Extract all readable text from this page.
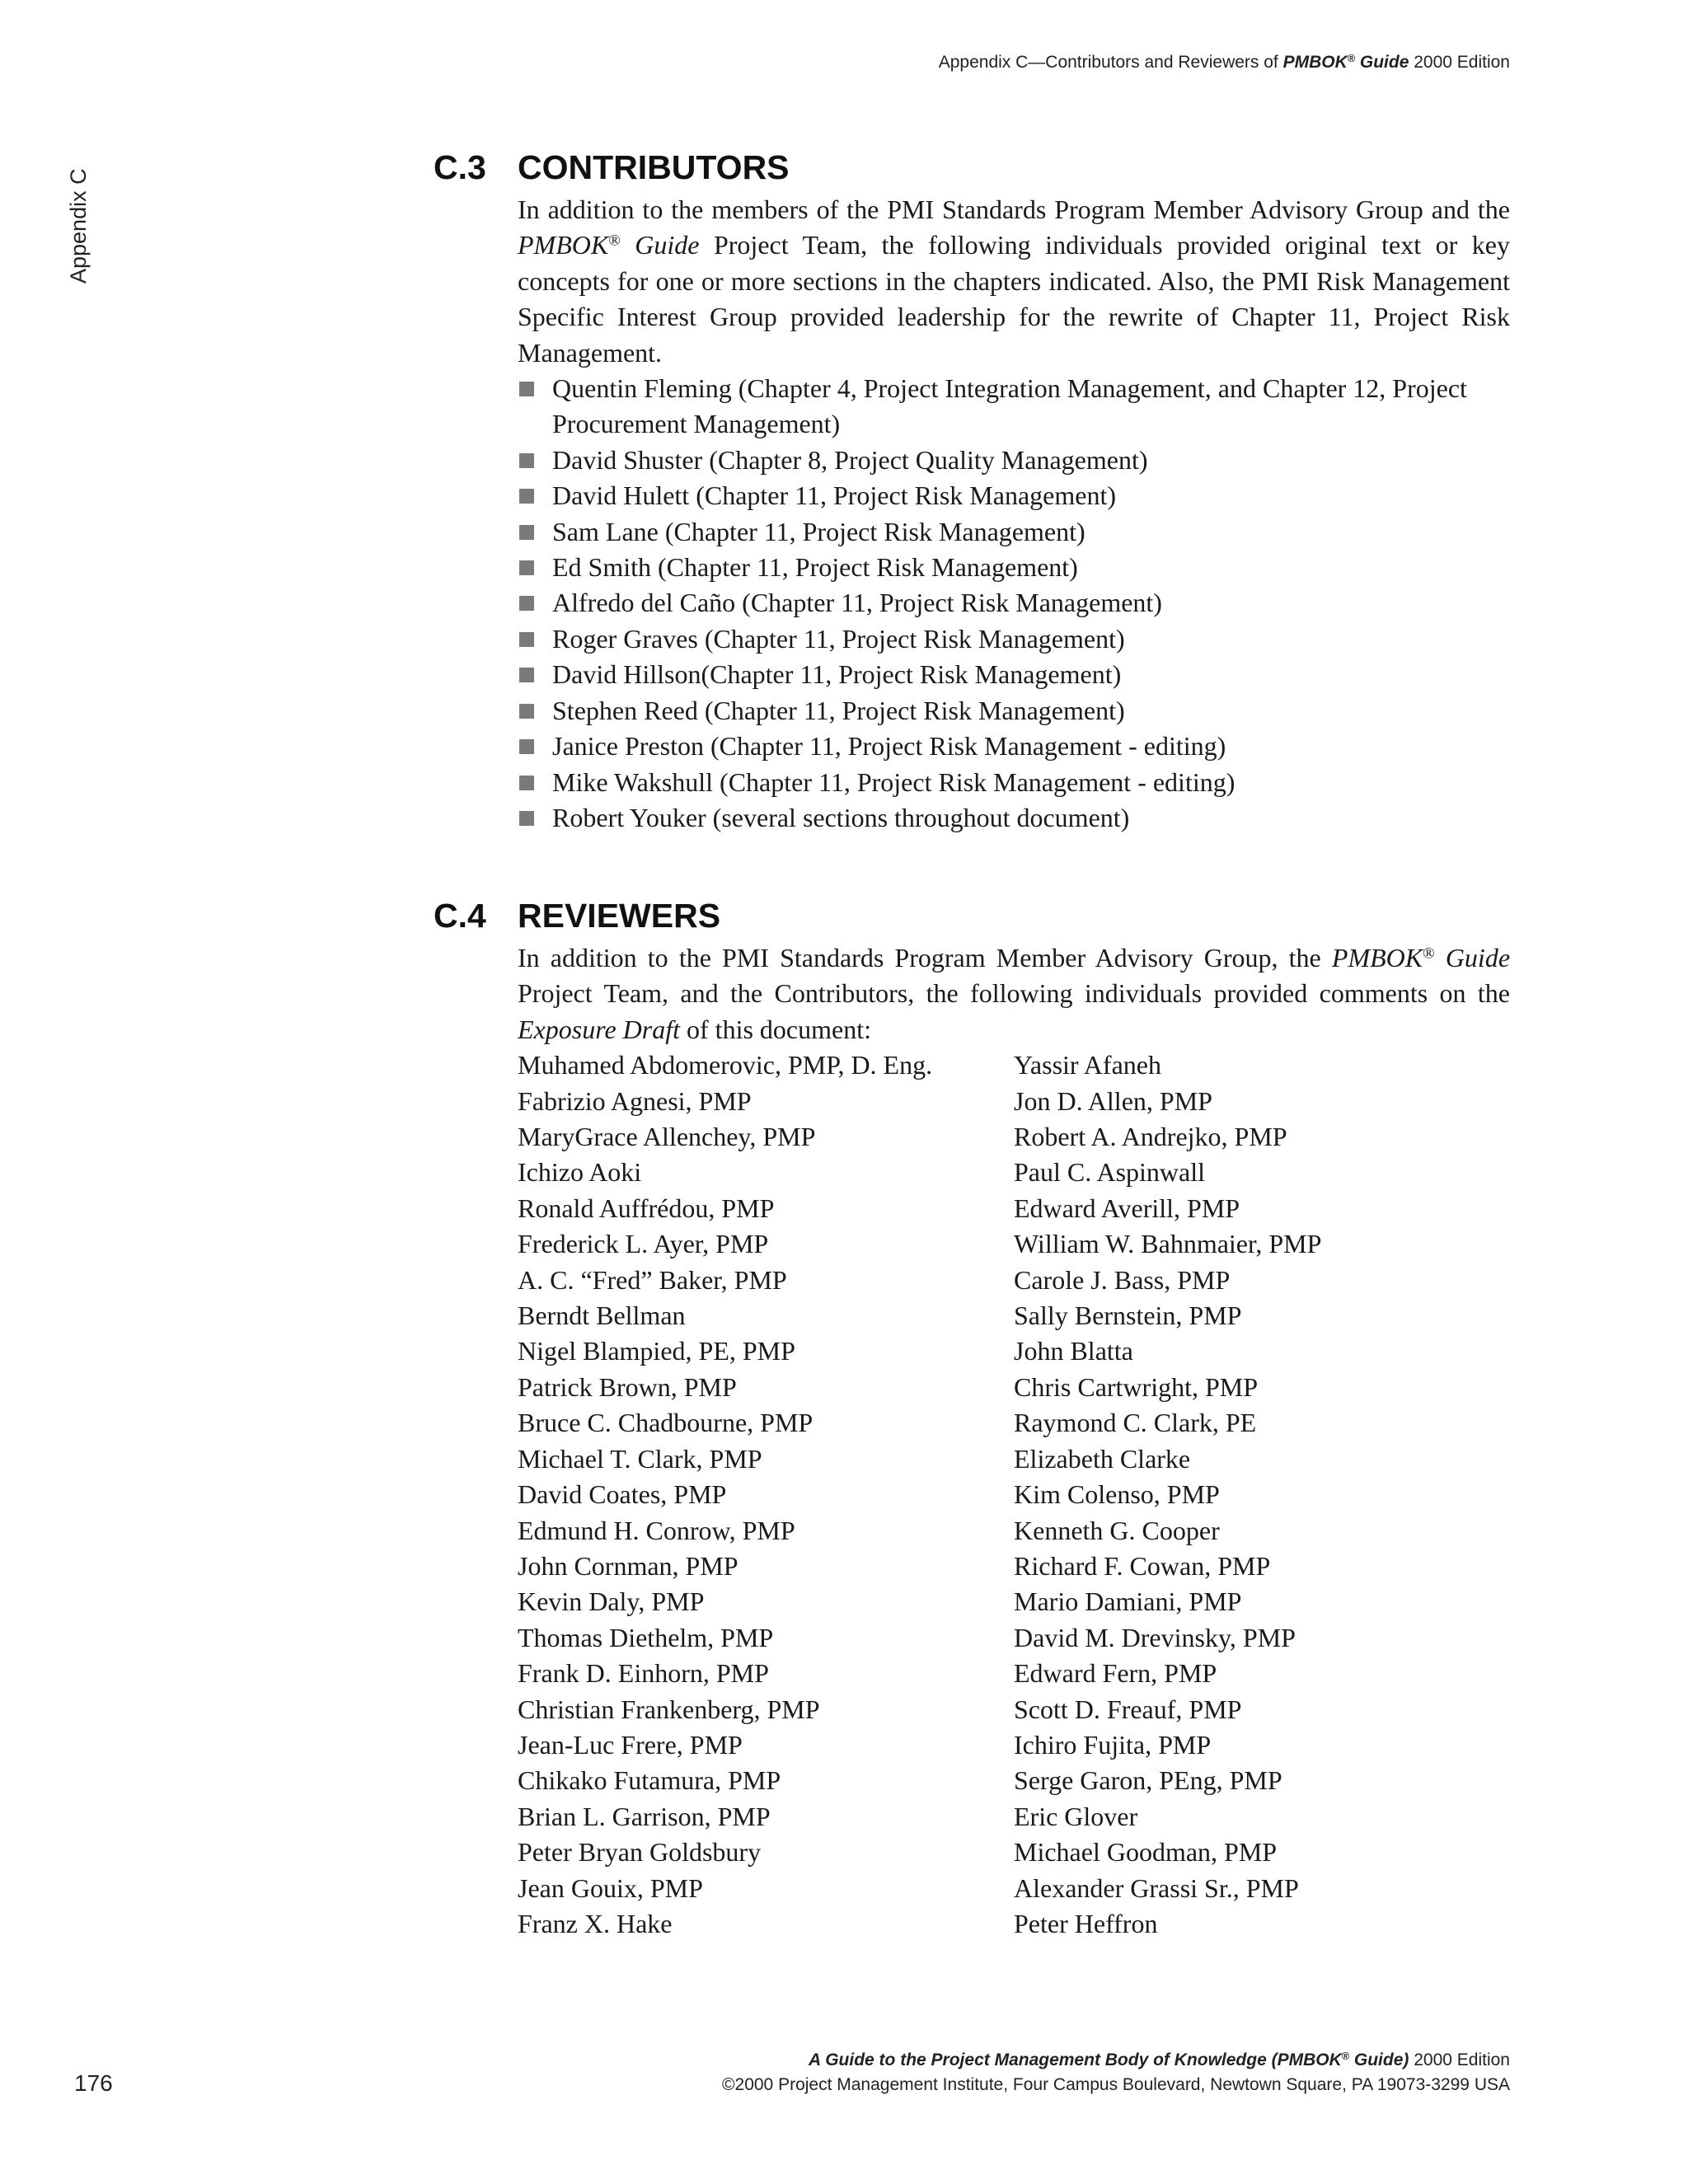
Appendix C—Contributors and Reviewers of PMBOK® Guide 2000 Edition
Appendix C
C.3 CONTRIBUTORS

In addition to the members of the PMI Standards Program Member Advisory Group and the PMBOK® Guide Project Team, the following individuals provided original text or key concepts for one or more sections in the chapters indicated. Also, the PMI Risk Management Specific Interest Group provided leadership for the rewrite of Chapter 11, Project Risk Management.

Quentin Fleming (Chapter 4, Project Integration Management, and Chapter 12, Project Procurement Management)
David Shuster (Chapter 8, Project Quality Management)
David Hulett (Chapter 11, Project Risk Management)
Sam Lane (Chapter 11, Project Risk Management)
Ed Smith (Chapter 11, Project Risk Management)
Alfredo del Caño (Chapter 11, Project Risk Management)
Roger Graves (Chapter 11, Project Risk Management)
David Hillson(Chapter 11, Project Risk Management)
Stephen Reed (Chapter 11, Project Risk Management)
Janice Preston (Chapter 11, Project Risk Management - editing)
Mike Wakshull (Chapter 11, Project Risk Management - editing)
Robert Youker (several sections throughout document)
C.4 REVIEWERS

In addition to the PMI Standards Program Member Advisory Group, the PMBOK® Guide Project Team, and the Contributors, the following individuals provided comments on the Exposure Draft of this document:

Muhamed Abdomerovic, PMP, D. Eng.
Fabrizio Agnesi, PMP
MaryGrace Allenchey, PMP
Ichizo Aoki
Ronald Auffrédou, PMP
Frederick L. Ayer, PMP
A. C. “Fred” Baker, PMP
Berndt Bellman
Nigel Blampied, PE, PMP
Patrick Brown, PMP
Bruce C. Chadbourne, PMP
Michael T. Clark, PMP
David Coates, PMP
Edmund H. Conrow, PMP
John Cornman, PMP
Kevin Daly, PMP
Thomas Diethelm, PMP
Frank D. Einhorn, PMP
Christian Frankenberg, PMP
Jean-Luc Frere, PMP
Chikako Futamura, PMP
Brian L. Garrison, PMP
Peter Bryan Goldsbury
Jean Gouix, PMP
Franz X. Hake
Yassir Afaneh
Jon D. Allen, PMP
Robert A. Andrejko, PMP
Paul C. Aspinwall
Edward Averill, PMP
William W. Bahnmaier, PMP
Carole J. Bass, PMP
Sally Bernstein, PMP
John Blatta
Chris Cartwright, PMP
Raymond C. Clark, PE
Elizabeth Clarke
Kim Colenso, PMP
Kenneth G. Cooper
Richard F. Cowan, PMP
Mario Damiani, PMP
David M. Drevinsky, PMP
Edward Fern, PMP
Scott D. Freauf, PMP
Ichiro Fujita, PMP
Serge Garon, PEng, PMP
Eric Glover
Michael Goodman, PMP
Alexander Grassi Sr., PMP
Peter Heffron
176
A Guide to the Project Management Body of Knowledge (PMBOK® Guide) 2000 Edition
©2000 Project Management Institute, Four Campus Boulevard, Newtown Square, PA 19073-3299 USA
